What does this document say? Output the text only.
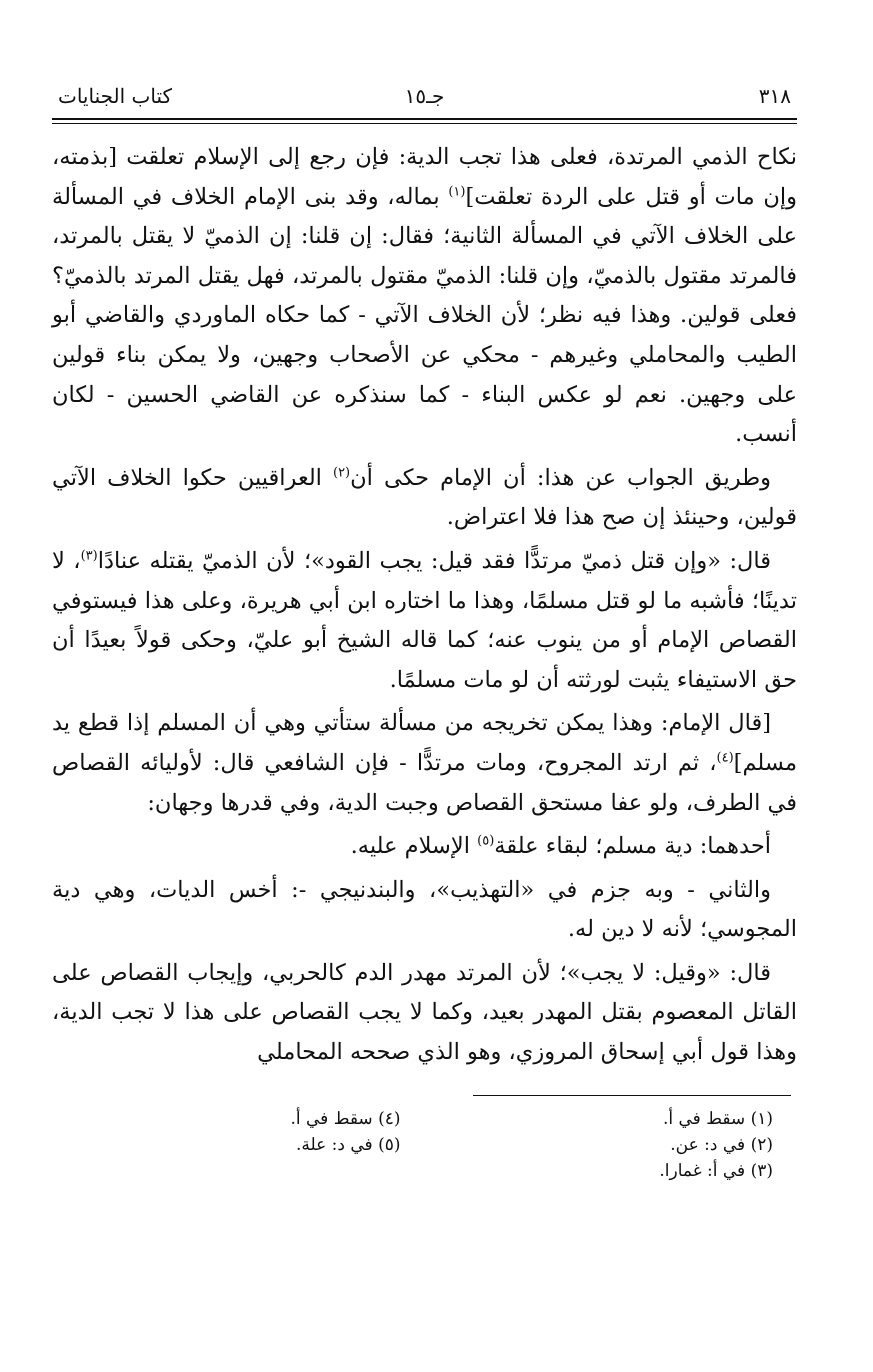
٣١٨
جـ١٥
كتاب الجنايات

نكاح الذمي المرتدة، فعلى هذا تجب الدية: فإن رجع إلى الإسلام تعلقت [بذمته، وإن مات أو قتل على الردة تعلقت]$^{(١)}$ بماله، وقد بنى الإمام الخلاف في المسألة على الخلاف الآتي في المسألة الثانية؛ فقال: إن قلنا: إن الذميّ لا يقتل بالمرتد، فالمرتد مقتول بالذميّ، وإن قلنا: الذميّ مقتول بالمرتد، فهل يقتل المرتد بالذميّ؟ فعلى قولين. وهذا فيه نظر؛ لأن الخلاف الآتي - كما حكاه الماوردي والقاضي أبو الطيب والمحاملي وغيرهم - محكي عن الأصحاب وجهين، ولا يمكن بناء قولين على وجهين. نعم لو عكس البناء - كما سنذكره عن القاضي الحسين - لكان أنسب.

وطريق الجواب عن هذا: أن الإمام حكى أن$^{(٢)}$ العراقيين حكوا الخلاف الآتي قولين، وحينئذ إن صح هذا فلا اعتراض.

قال: «وإن قتل ذميّ مرتدًّا فقد قيل: يجب القود»؛ لأن الذميّ يقتله عنادًا$^{(٣)}$، لا تدينًا؛ فأشبه ما لو قتل مسلمًا، وهذا ما اختاره ابن أبي هريرة، وعلى هذا فيستوفي القصاص الإمام أو من ينوب عنه؛ كما قاله الشيخ أبو عليّ، وحكى قولاً بعيدًا أن حق الاستيفاء يثبت لورثته أن لو مات مسلمًا.

[قال الإمام: وهذا يمكن تخريجه من مسألة ستأتي وهي أن المسلم إذا قطع يد مسلم]$^{(٤)}$، ثم ارتد المجروح، ومات مرتدًّا - فإن الشافعي قال: لأوليائه القصاص في الطرف، ولو عفا مستحق القصاص وجبت الدية، وفي قدرها وجهان:

أحدهما: دية مسلم؛ لبقاء علقة$^{(٥)}$ الإسلام عليه.

والثاني - وبه جزم في «التهذيب»، والبندنيجي -: أخس الديات، وهي دية المجوسي؛ لأنه لا دين له.

قال: «وقيل: لا يجب»؛ لأن المرتد مهدر الدم كالحربي، وإيجاب القصاص على القاتل المعصوم بقتل المهدر بعيد، وكما لا يجب القصاص على هذا لا تجب الدية، وهذا قول أبي إسحاق المروزي، وهو الذي صححه المحاملي

(١) سقط في أ.
(٢) في د: عن.
(٣) في أ: غمارا.
(٤) سقط في أ.
(٥) في د: علة.
